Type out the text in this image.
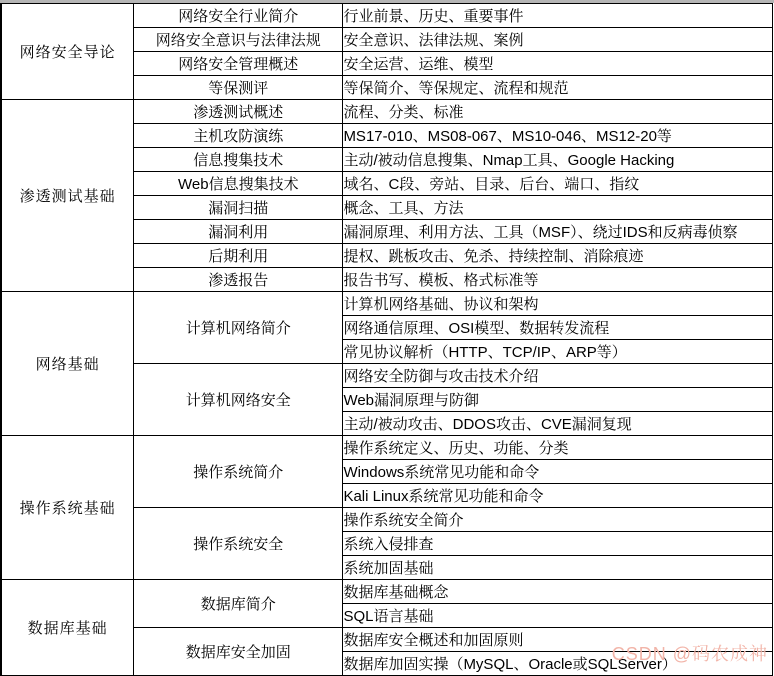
网络安全导论	网络安全行业简介	行业前景、历史、重要事件
	网络安全意识与法律法规	安全意识、法律法规、案例
	网络安全管理概述	安全运营、运维、模型
	等保测评	等保简介、等保规定、流程和规范
渗透测试基础	渗透测试概述	流程、分类、标准
	主机攻防演练	MS17-010、MS08-067、MS10-046、MS12-20等
	信息搜集技术	主动/被动信息搜集、Nmap工具、Google Hacking
	Web信息搜集技术	域名、C段、旁站、目录、后台、端口、指纹
	漏洞扫描	概念、工具、方法
	漏洞利用	漏洞原理、利用方法、工具（MSF）、绕过IDS和反病毒侦察
	后期利用	提权、跳板攻击、免杀、持续控制、消除痕迹
	渗透报告	报告书写、模板、格式标准等
网络基础	计算机网络简介	计算机网络基础、协议和架构
		网络通信原理、OSI模型、数据转发流程
		常见协议解析（HTTP、TCP/IP、ARP等）
	计算机网络安全	网络安全防御与攻击技术介绍
		Web漏洞原理与防御
		主动/被动攻击、DDOS攻击、CVE漏洞复现
操作系统基础	操作系统简介	操作系统定义、历史、功能、分类
		Windows系统常见功能和命令
		Kali Linux系统常见功能和命令
	操作系统安全	操作系统安全简介
		系统入侵排查
		系统加固基础
数据库基础	数据库简介	数据库基础概念
		SQL语言基础
	数据库安全加固	数据库安全概述和加固原则
		数据库加固实操（MySQL、Oracle或SQLServer）
CSDN @码农成神
